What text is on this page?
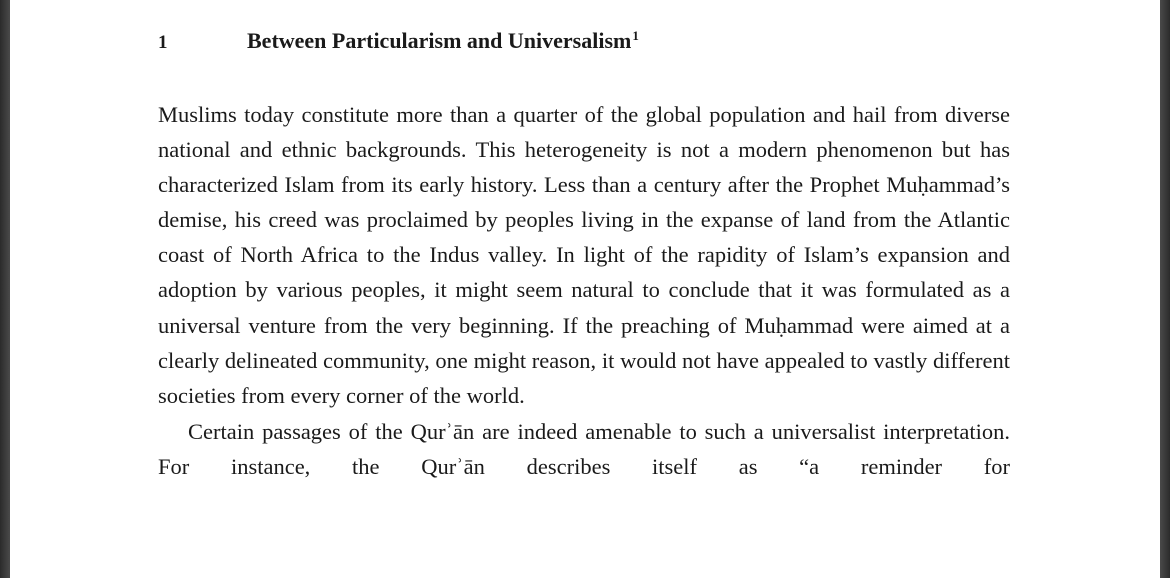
1	Between Particularism and Universalism$^1$

Muslims today constitute more than a quarter of the global population and hail from diverse national and ethnic backgrounds. This heterogeneity is not a modern phenomenon but has characterized Islam from its early history. Less than a century after the Prophet Muḥammad’s demise, his creed was proclaimed by peoples living in the expanse of land from the Atlantic coast of North Africa to the Indus valley. In light of the rapidity of Islam’s expansion and adoption by various peoples, it might seem natural to conclude that it was formulated as a universal venture from the very beginning. If the preaching of Muḥammad were aimed at a clearly delineated community, one might reason, it would not have appealed to vastly different societies from every corner of the world.

Certain passages of the Qurʾān are indeed amenable to such a universalist interpretation. For instance, the Qurʾān describes itself as “a reminder for
